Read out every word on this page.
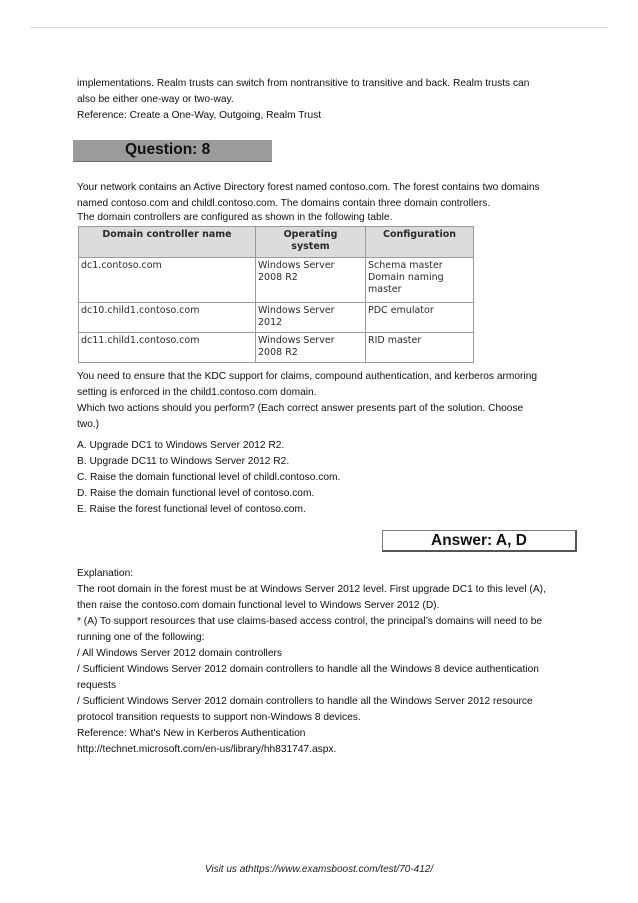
implementations. Realm trusts can switch from nontransitive to transitive and back. Realm trusts can
also be either one-way or two-way.
Reference: Create a One-Way, Outgoing, Realm Trust
Question: 8
Your network contains an Active Directory forest named contoso.com. The forest contains two domains
named contoso.com and childl.contoso.com. The domains contain three domain controllers.
The domain controllers are configured as shown in the following table.
Domain controller name	Operating
system	Configuration

dc1.contoso.com	Windows Server
2008 R2	Schema master
Domain naming
master

dc10.child1.contoso.com	Windows Server
2012	PDC emulator

dc11.child1.contoso.com	Windows Server
2008 R2	RID master
You need to ensure that the KDC support for claims, compound authentication, and kerberos armoring
setting is enforced in the child1.contoso.com domain.
Which two actions should you perform? (Each correct answer presents part of the solution. Choose
two.)
A. Upgrade DC1 to Windows Server 2012 R2.
B. Upgrade DC11 to Windows Server 2012 R2.
C. Raise the domain functional level of childl.contoso.com.
D. Raise the domain functional level of contoso.com.
E. Raise the forest functional level of contoso.com.
Answer: A, D
Explanation:
The root domain in the forest must be at Windows Server 2012 level. First upgrade DC1 to this level (A),
then raise the contoso.com domain functional level to Windows Server 2012 (D).
* (A) To support resources that use claims-based access control, the principal’s domains will need to be
running one of the following:
/ All Windows Server 2012 domain controllers
/ Sufficient Windows Server 2012 domain controllers to handle all the Windows 8 device authentication
requests
/ Sufficient Windows Server 2012 domain controllers to handle all the Windows Server 2012 resource
protocol transition requests to support non-Windows 8 devices.
Reference: What's New in Kerberos Authentication
http://technet.microsoft.com/en-us/library/hh831747.aspx.
Visit us athttps://www.examsboost.com/test/70-412/
